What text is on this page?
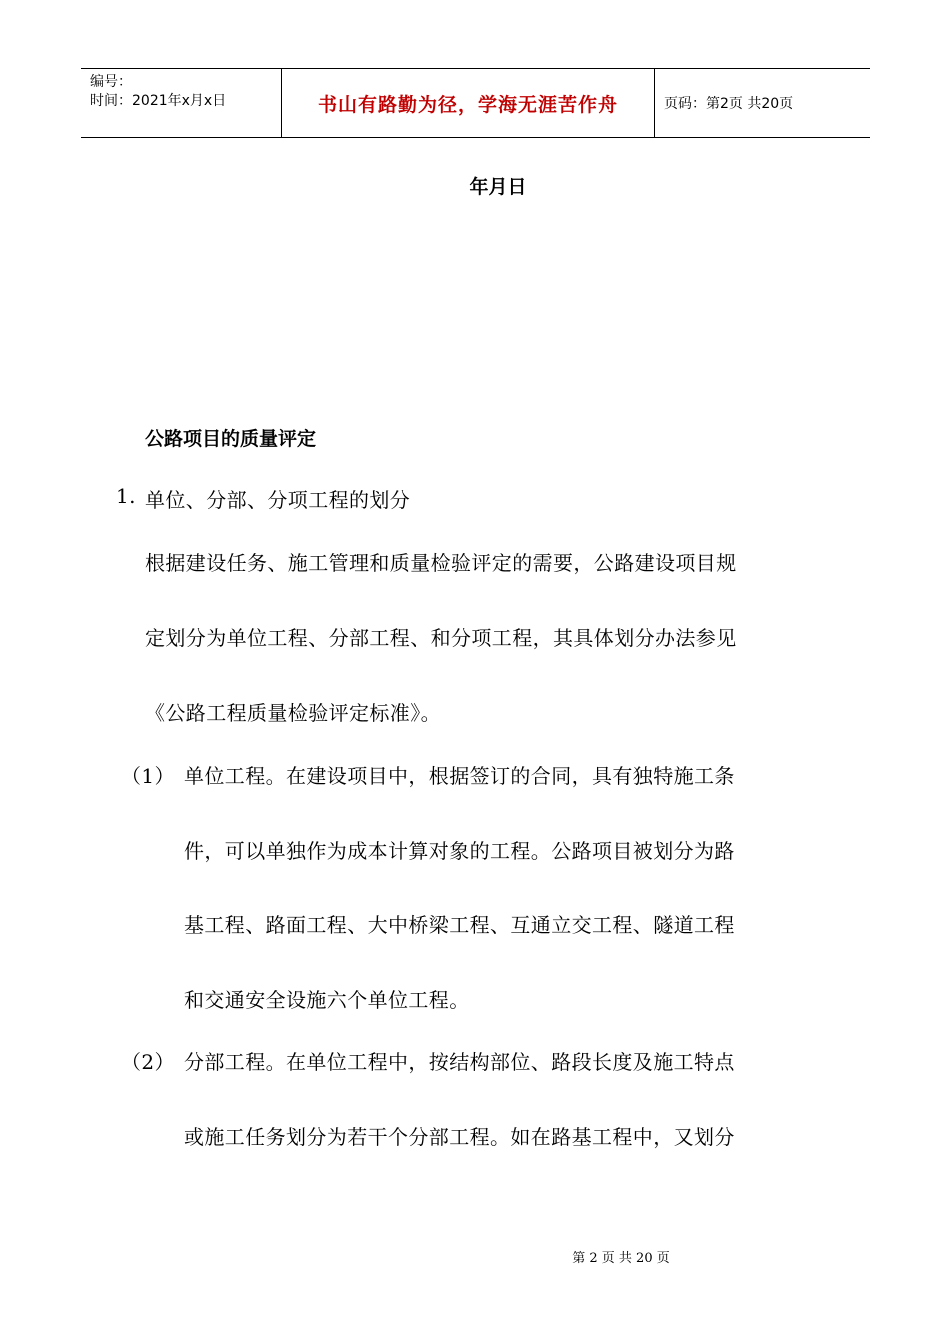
编号：
时间：2021年x月x日	书山有路勤为径，学海无涯苦作舟	页码：第2页 共20页
年月日
公路项目的质量评定
1. 单位、分部、分项工程的划分
根据建设任务、施工管理和质量检验评定的需要，公路建设项目规
定划分为单位工程、分部工程、和分项工程，其具体划分办法参见
《公路工程质量检验评定标准》。
（1） 单位工程。在建设项目中，根据签订的合同，具有独特施工条
件，可以单独作为成本计算对象的工程。公路项目被划分为路
基工程、路面工程、大中桥梁工程、互通立交工程、隧道工程
和交通安全设施六个单位工程。
（2） 分部工程。在单位工程中，按结构部位、路段长度及施工特点
或施工任务划分为若干个分部工程。如在路基工程中，又划分
第 2 页 共 20 页
